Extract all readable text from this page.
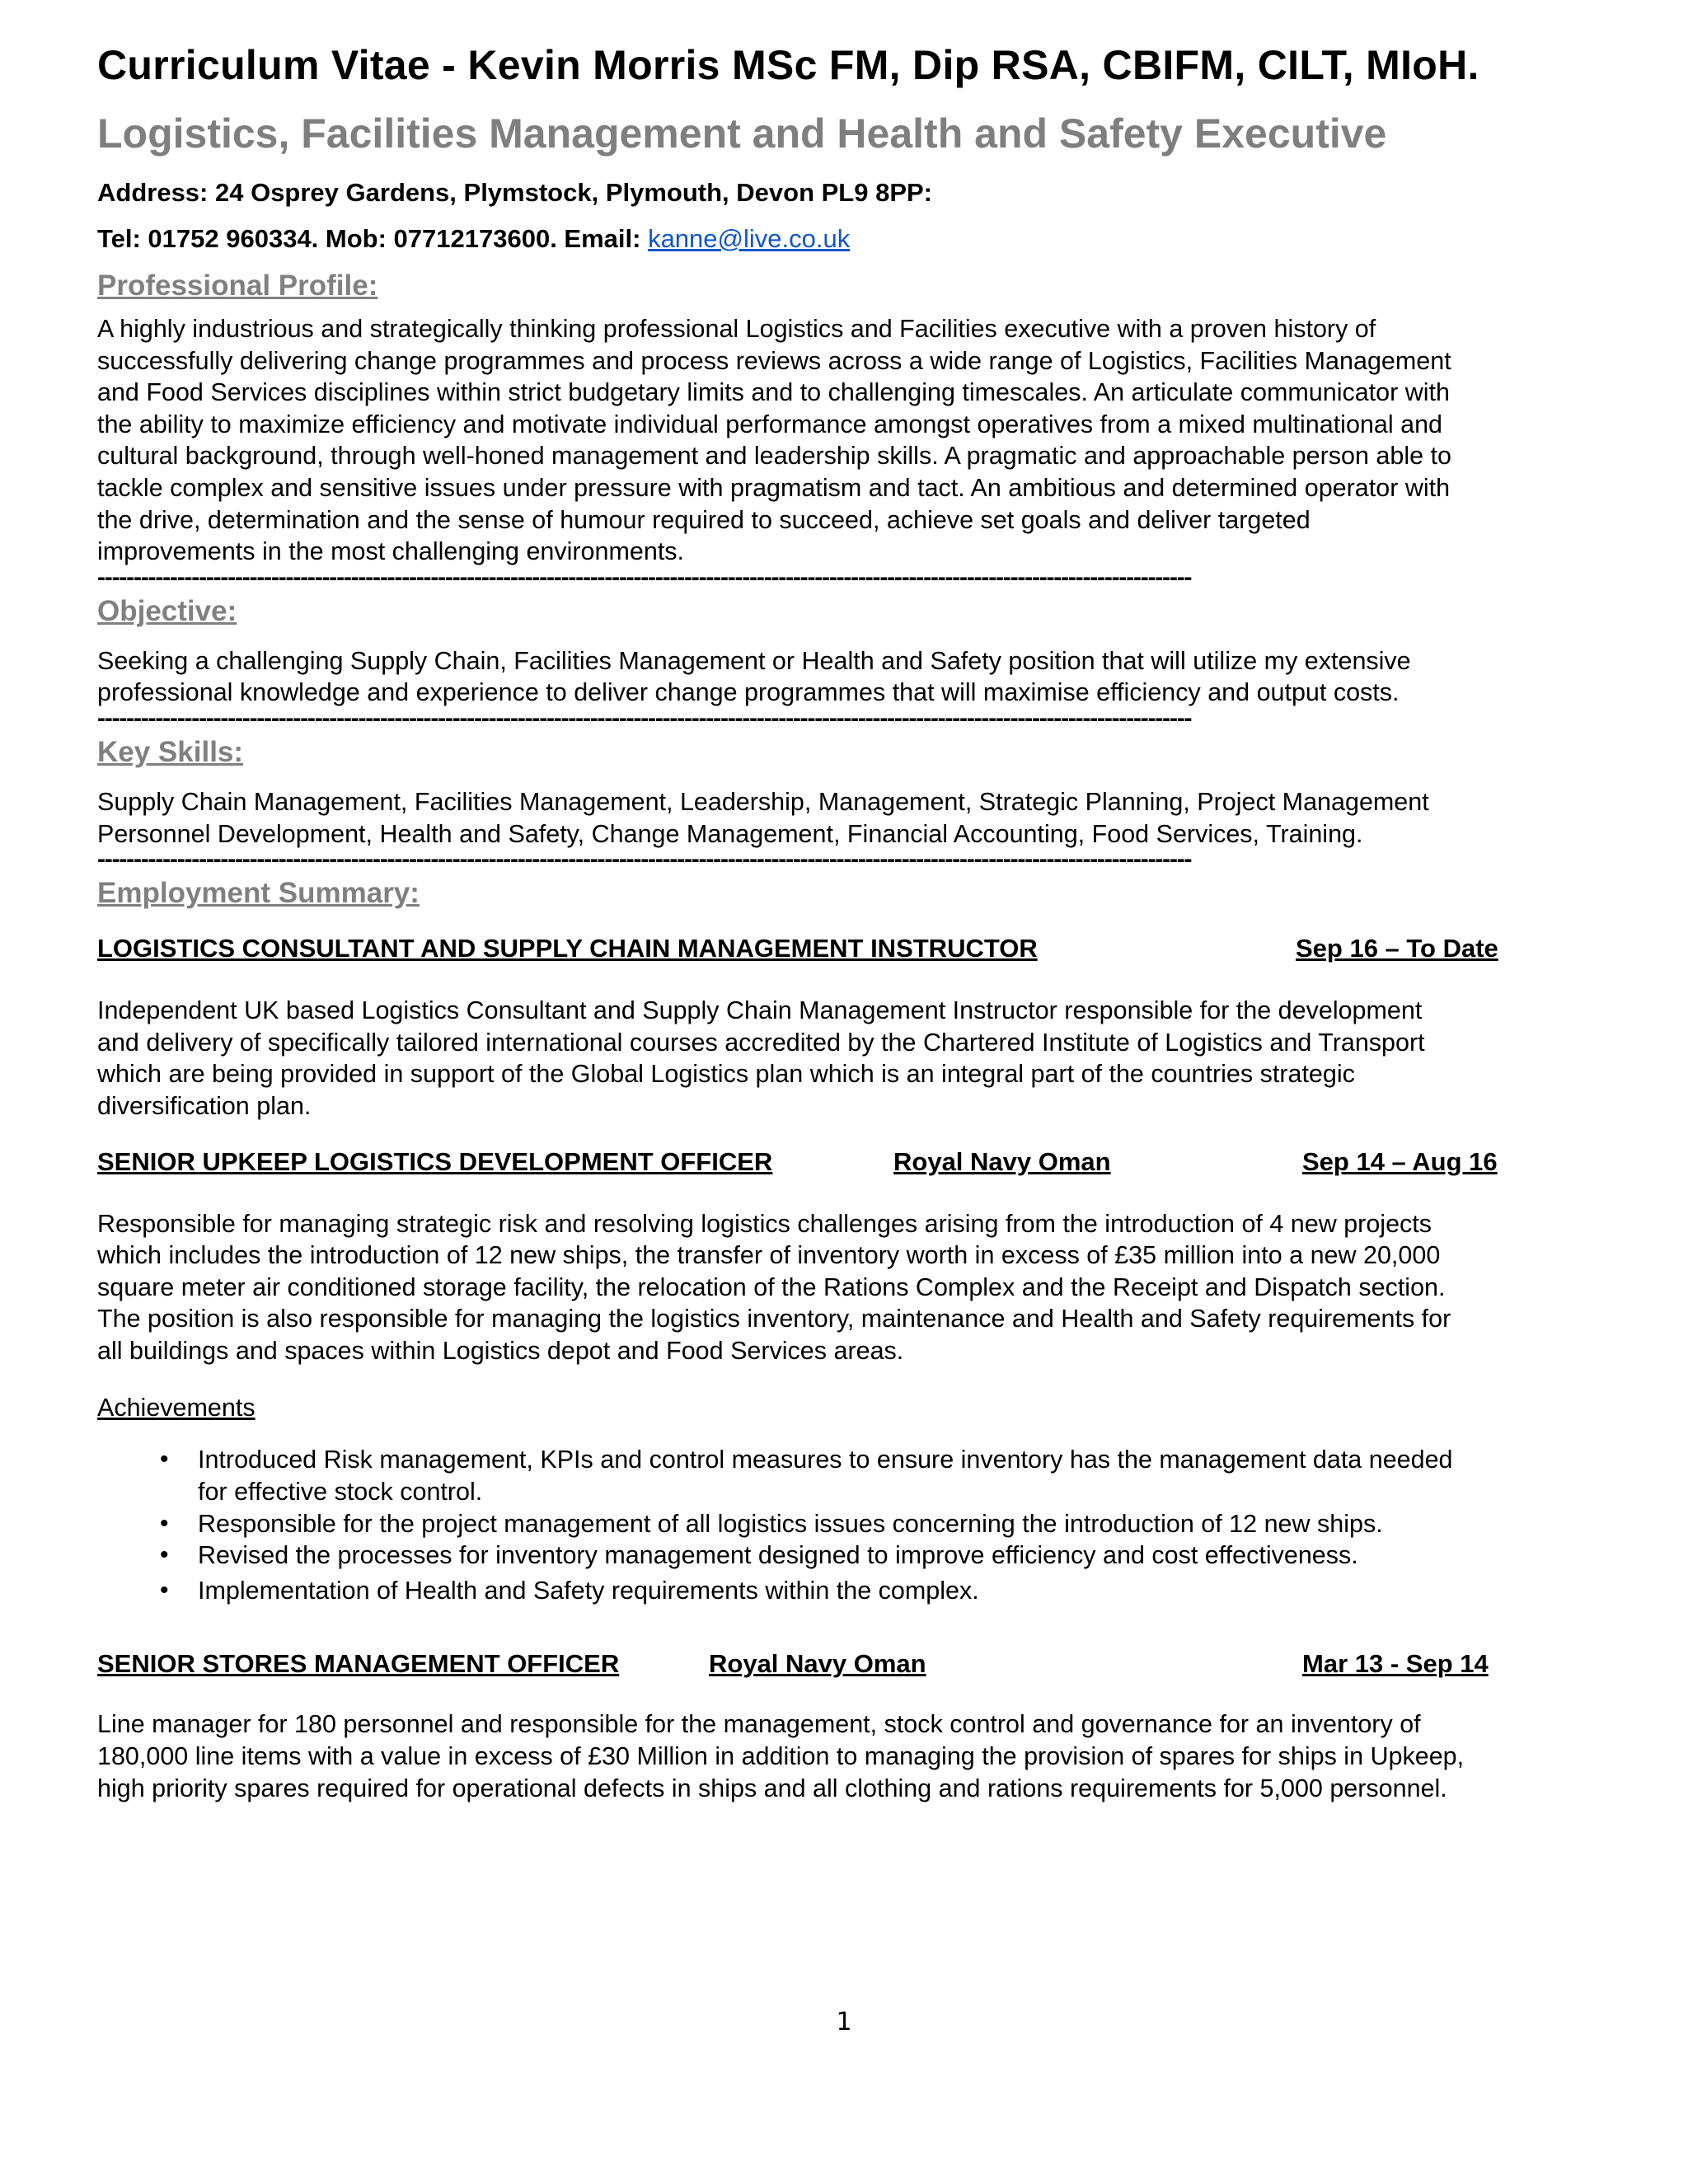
Curriculum Vitae - Kevin Morris MSc FM, Dip RSA, CBIFM, CILT, MIoH.
Logistics, Facilities Management and Health and Safety Executive
Address: 24 Osprey Gardens, Plymstock, Plymouth, Devon PL9 8PP:
Tel: 01752 960334. Mob: 07712173600. Email: kanne@live.co.uk
Professional Profile:
A highly industrious and strategically thinking professional Logistics and Facilities executive with a proven history of
successfully delivering change programmes and process reviews across a wide range of Logistics, Facilities Management
and Food Services disciplines within strict budgetary limits and to challenging timescales. An articulate communicator with
the ability to maximize efficiency and motivate individual performance amongst operatives from a mixed multinational and
cultural background, through well-honed management and leadership skills. A pragmatic and approachable person able to
tackle complex and sensitive issues under pressure with pragmatism and tact. An ambitious and determined operator with
the drive, determination and the sense of humour required to succeed, achieve set goals and deliver targeted
improvements in the most challenging environments.
-------------------------------------------------------------------------------------------------------------------------------------------------------
Objective:
Seeking a challenging Supply Chain, Facilities Management or Health and Safety position that will utilize my extensive
professional knowledge and experience to deliver change programmes that will maximise efficiency and output costs.
-------------------------------------------------------------------------------------------------------------------------------------------------------
Key Skills:
Supply Chain Management, Facilities Management, Leadership, Management, Strategic Planning, Project Management
Personnel Development, Health and Safety, Change Management, Financial Accounting, Food Services, Training.
-------------------------------------------------------------------------------------------------------------------------------------------------------
Employment Summary:
LOGISTICS CONSULTANT AND SUPPLY CHAIN MANAGEMENT INSTRUCTOR	Sep 16 – To Date
Independent UK based Logistics Consultant and Supply Chain Management Instructor responsible for the development
and delivery of specifically tailored international courses accredited by the Chartered Institute of Logistics and Transport
which are being provided in support of the Global Logistics plan which is an integral part of the countries strategic
diversification plan.
SENIOR UPKEEP LOGISTICS DEVELOPMENT OFFICER	Royal Navy Oman	Sep 14 – Aug 16
Responsible for managing strategic risk and resolving logistics challenges arising from the introduction of 4 new projects
which includes the introduction of 12 new ships, the transfer of inventory worth in excess of £35 million into a new 20,000
square meter air conditioned storage facility, the relocation of the Rations Complex and the Receipt and Dispatch section.
The position is also responsible for managing the logistics inventory, maintenance and Health and Safety requirements for
all buildings and spaces within Logistics depot and Food Services areas.
Achievements
• Introduced Risk management, KPIs and control measures to ensure inventory has the management data needed
for effective stock control.
• Responsible for the project management of all logistics issues concerning the introduction of 12 new ships.
• Revised the processes for inventory management designed to improve efficiency and cost effectiveness.
• Implementation of Health and Safety requirements within the complex.
SENIOR STORES MANAGEMENT OFFICER	Royal Navy Oman	Mar 13 - Sep 14
Line manager for 180 personnel and responsible for the management, stock control and governance for an inventory of
180,000 line items with a value in excess of £30 Million in addition to managing the provision of spares for ships in Upkeep,
high priority spares required for operational defects in ships and all clothing and rations requirements for 5,000 personnel.
1
